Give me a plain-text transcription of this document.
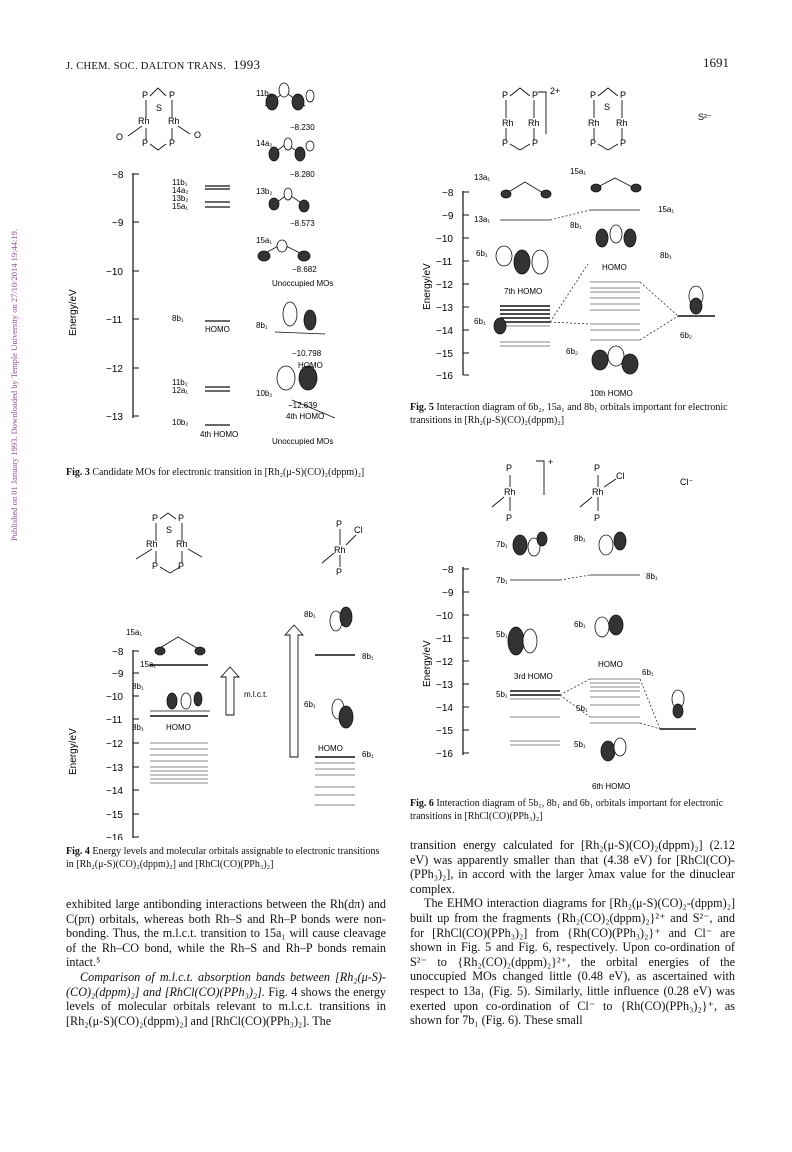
J. CHEM. SOC. DALTON TRANS. 1993	1691
Published on 01 January 1993. Downloaded by Temple University on 27/10/2014 19:44:19.
P P
S
Rh Rh
P P
O	O
−8
−9
−10
−11
−12
−13
Energy/eV
11b₁
14a₂
13b₂
15a₁
8b₁
HOMO
11b₂
12a₁
10b₂
4th HOMO
11b₁
−8.230
14a₂
−8.280
13b₂
−8.573
15a₁
−8.682
Unoccupied MOs
8b₁
−10.798
HOMO
10b₂
−12.639
4th HOMO
Unoccupied MOs
Fig. 3 Candidate MOs for electronic transition in [Rh₂(μ-S)(CO)₂(dppm)₂]
P P
S
Rh Rh
P P
P
Cl
Rh
P
−8
−9
−10
−11
−12
−13
−14
−15
−16
Energy/eV
15a₁
15a₁
8b₁
8b₁	HOMO
m.l.c.t.
8b₁
8b₁
6b₁
HOMO
6b₁
Fig. 4 Energy levels and molecular orbitals assignable to electronic transitions in [Rh₂(μ-S)(CO)₂(dppm)₂] and [RhCl(CO)(PPh₃)₂]
P	P
Rh Rh
P	P
2+	P	P
S
Rh Rh
P	P
S²⁻
−8
−9
−10
−11
−12
−13
−14
−15
−16
Energy/eV
13a₁
13a₁
15a₁
15a₁
8b₁
8b₁
6b₁
HOMO
7th HOMO
6b₁
6b₂
6b₂
10th HOMO
Fig. 5 Interaction diagram of 6b₂, 15a₁ and 8b₁ orbitals important for electronic transitions in [Rh₂(μ-S)(CO)₂(dppm)₂]
P
Rh
P
+
P
Cl
Rh
P
Cl⁻
−8
−9
−10
−11
−12
−13
−14
−15
−16
Energy/eV
7b₁
7b₁
8b₁
8b₁
5b₁
6b₁
HOMO
3rd HOMO	6b₁
5b₁
5b₁
5b₁
6th HOMO
Fig. 6 Interaction diagram of 5b₁, 8b₁ and 6b₁ orbitals important for electronic transitions in [RhCl(CO)(PPh₃)₂]

exhibited large antibonding interactions between the Rh(dπ) and C(pπ) orbitals, whereas both Rh–S and Rh–P bonds were non-bonding. Thus, the m.l.c.t. transition to 15a₁ will cause cleavage of the Rh–CO bond, while the Rh–S and Rh–P bonds remain intact.⁵

Comparison of m.l.c.t. absorption bands between [Rh₂(μ-S)-(CO)₂(dppm)₂] and [RhCl(CO)(PPh₃)₂]. Fig. 4 shows the energy levels of molecular orbitals relevant to m.l.c.t. transitions in [Rh₂(μ-S)(CO)₂(dppm)₂] and [RhCl(CO)(PPh₃)₂]. The

transition energy calculated for [Rh₂(μ-S)(CO)₂(dppm)₂] (2.12 eV) was apparently smaller than that (4.38 eV) for [RhCl(CO)-(PPh₃)₂], in accord with the larger λmax value for the dinuclear complex.

The EHMO interaction diagrams for [Rh₂(μ-S)(CO)₂-(dppm)₂] built up from the fragments {Rh₂(CO)₂(dppm)₂}²⁺ and S²⁻, and for [RhCl(CO)(PPh₃)₂] from {Rh(CO)(PPh₃)₂}⁺ and Cl⁻ are shown in Fig. 5 and Fig. 6, respectively. Upon co-ordination of S²⁻ to {Rh₂(CO)₂(dppm)₂}²⁺, the orbital energies of the unoccupied MOs changed little (0.48 eV), as ascertained with respect to 13a₁ (Fig. 5). Similarly, little influence (0.28 eV) was exerted upon co-ordination of Cl⁻ to {Rh(CO)(PPh₃)₂}⁺, as shown for 7b₁ (Fig. 6). These small
